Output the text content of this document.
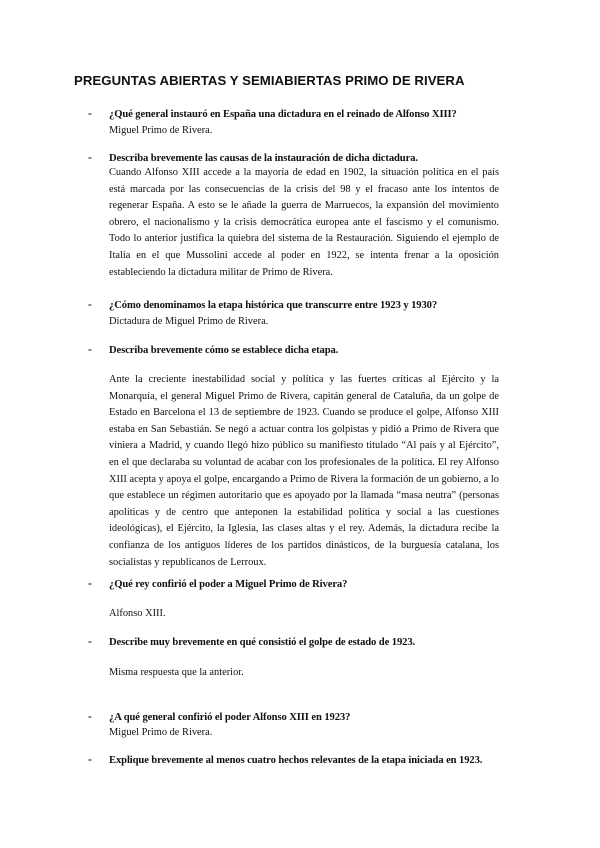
PREGUNTAS ABIERTAS Y SEMIABIERTAS PRIMO DE RIVERA
- ¿Qué general instauró en España una dictadura en el reinado de Alfonso XIII?
Miguel Primo de Rivera.
- Describa brevemente las causas de la instauración de dicha dictadura.
Cuando Alfonso XIII accede a la mayoría de edad en 1902, la situación política en el país está marcada por las consecuencias de la crisis del 98 y el fracaso ante los intentos de regenerar España. A esto se le añade la guerra de Marruecos, la expansión del movimiento obrero, el nacionalismo y la crisis democrática europea ante el fascismo y el comunismo. Todo lo anterior justifica la quiebra del sistema de la Restauración. Siguiendo el ejemplo de Italia en el que Mussolini accede al poder en 1922, se intenta frenar a la oposición estableciendo la dictadura militar de Primo de Rivera.
- ¿Cómo denominamos la etapa histórica que transcurre entre 1923 y 1930?
Dictadura de Miguel Primo de Rivera.
- Describa brevemente cómo se establece dicha etapa.
Ante la creciente inestabilidad social y política y las fuertes críticas al Ejército y la Monarquía, el general Miguel Primo de Rivera, capitán general de Cataluña, da un golpe de Estado en Barcelona el 13 de septiembre de 1923. Cuando se produce el golpe, Alfonso XIII estaba en San Sebastián. Se negó a actuar contra los golpistas y pidió a Primo de Rivera que viniera a Madrid, y cuando llegó hizo público su manifiesto titulado “Al país y al Ejército”, en el que declaraba su voluntad de acabar con los profesionales de la política. El rey Alfonso XIII acepta y apoya el golpe, encargando a Primo de Rivera la formación de un gobierno, a lo que establece un régimen autoritario que es apoyado por la llamada “masa neutra” (personas apolíticas y de centro que anteponen la estabilidad política y social a las cuestiones ideológicas), el Ejército, la Iglesia, las clases altas y el rey. Además, la dictadura recibe la confianza de los antiguos líderes de los partidos dinásticos, de la burguesía catalana, los socialistas y republicanos de Lerroux.
- ¿Qué rey confirió el poder a Miguel Primo de Rivera?
Alfonso XIII.
- Describe muy brevemente en qué consistió el golpe de estado de 1923.
Misma respuesta que la anterior.
- ¿A qué general confirió el poder Alfonso XIII en 1923?
Miguel Primo de Rivera.
- Explique brevemente al menos cuatro hechos relevantes de la etapa iniciada en 1923.
